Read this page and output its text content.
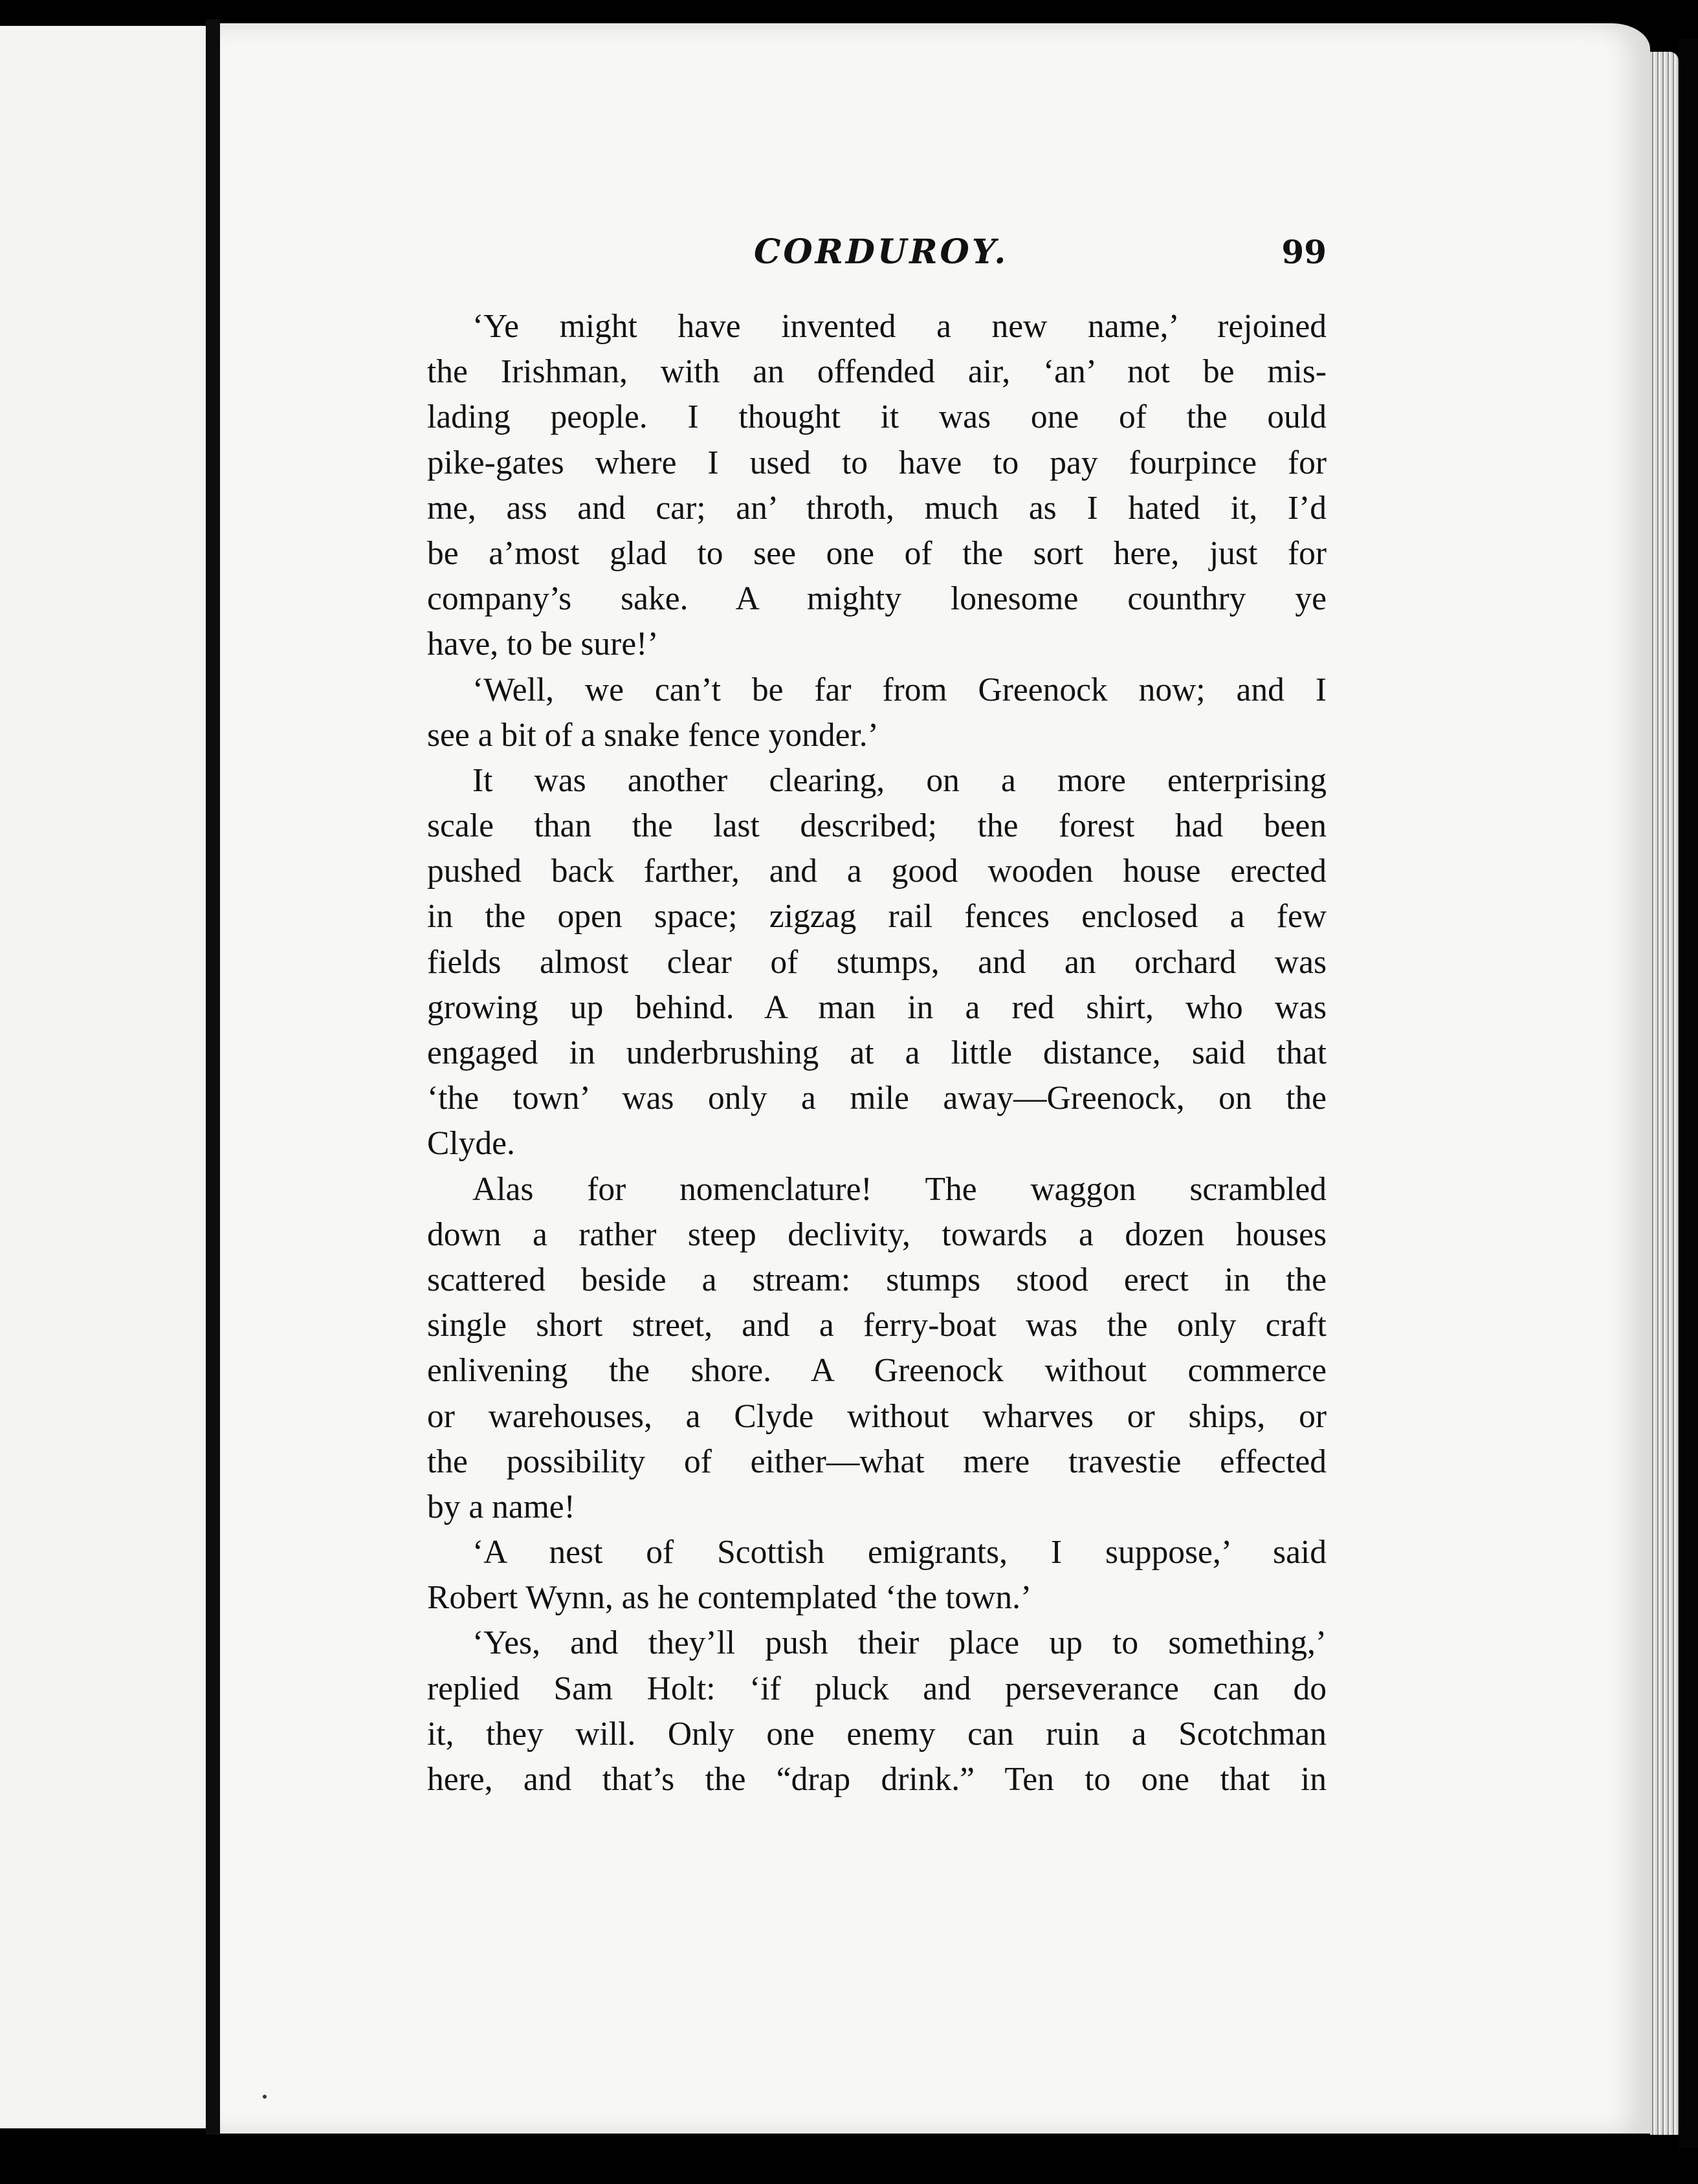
CORDUROY.	99
‘Ye might have invented a new name,’ rejoined
the Irishman, with an offended air, ‘an’ not be mis-
lading people. I thought it was one of the ould
pike-gates where I used to have to pay fourpince for
me, ass and car; an’ throth, much as I hated it, I’d
be a’most glad to see one of the sort here, just for
company’s sake. A mighty lonesome counthry ye
have, to be sure!’
‘Well, we can’t be far from Greenock now; and I
see a bit of a snake fence yonder.’
It was another clearing, on a more enterprising
scale than the last described; the forest had been
pushed back farther, and a good wooden house erected
in the open space; zigzag rail fences enclosed a few
fields almost clear of stumps, and an orchard was
growing up behind. A man in a red shirt, who was
engaged in underbrushing at a little distance, said that
‘the town’ was only a mile away—Greenock, on the
Clyde.
Alas for nomenclature! The waggon scrambled
down a rather steep declivity, towards a dozen houses
scattered beside a stream: stumps stood erect in the
single short street, and a ferry-boat was the only craft
enlivening the shore. A Greenock without commerce
or warehouses, a Clyde without wharves or ships, or
the possibility of either—what mere travestie effected
by a name!
‘A nest of Scottish emigrants, I suppose,’ said
Robert Wynn, as he contemplated ‘the town.’
‘Yes, and they’ll push their place up to something,’
replied Sam Holt: ‘if pluck and perseverance can do
it, they will. Only one enemy can ruin a Scotchman
here, and that’s the “drap drink.” Ten to one that in
